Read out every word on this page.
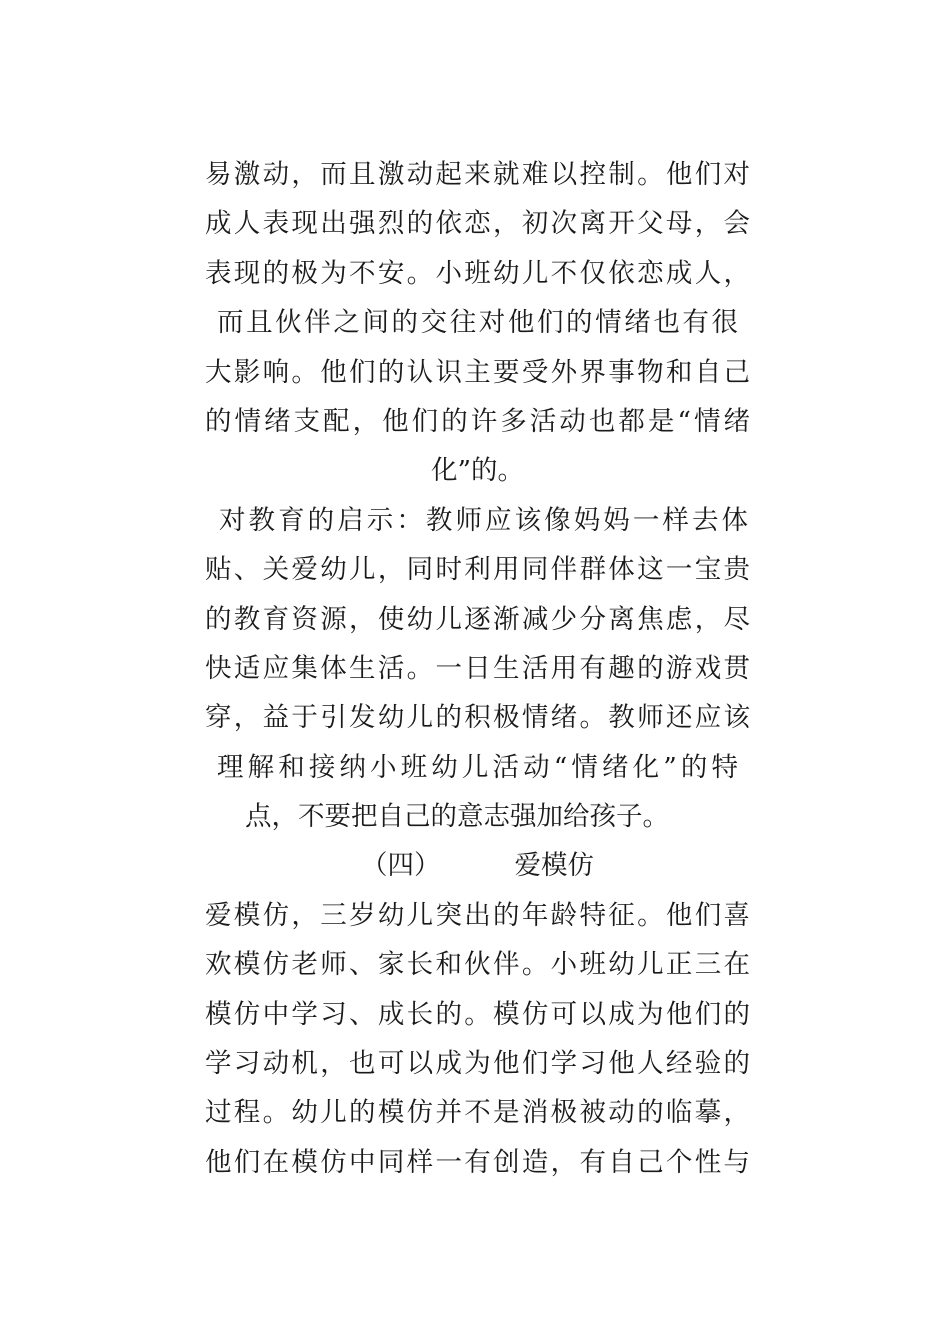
易激动，而且激动起来就难以控制。他们对
成人表现出强烈的依恋，初次离开父母，会
表现的极为不安。小班幼儿不仅依恋成人，
而且伙伴之间的交往对他们的情绪也有很
大影响。他们的认识主要受外界事物和自己
的情绪支配，他们的许多活动也都是“情绪
化”的。
对教育的启示：教师应该像妈妈一样去体
贴、关爱幼儿，同时利用同伴群体这一宝贵
的教育资源，使幼儿逐渐减少分离焦虑，尽
快适应集体生活。一日生活用有趣的游戏贯
穿，益于引发幼儿的积极情绪。教师还应该
理解和接纳小班幼儿活动“情绪化”的特
点，不要把自己的意志强加给孩子。
（四）	爱模仿
爱模仿，三岁幼儿突出的年龄特征。他们喜
欢模仿老师、家长和伙伴。小班幼儿正三在
模仿中学习、成长的。模仿可以成为他们的
学习动机，也可以成为他们学习他人经验的
过程。幼儿的模仿并不是消极被动的临摹，
他们在模仿中同样一有创造，有自己个性与
